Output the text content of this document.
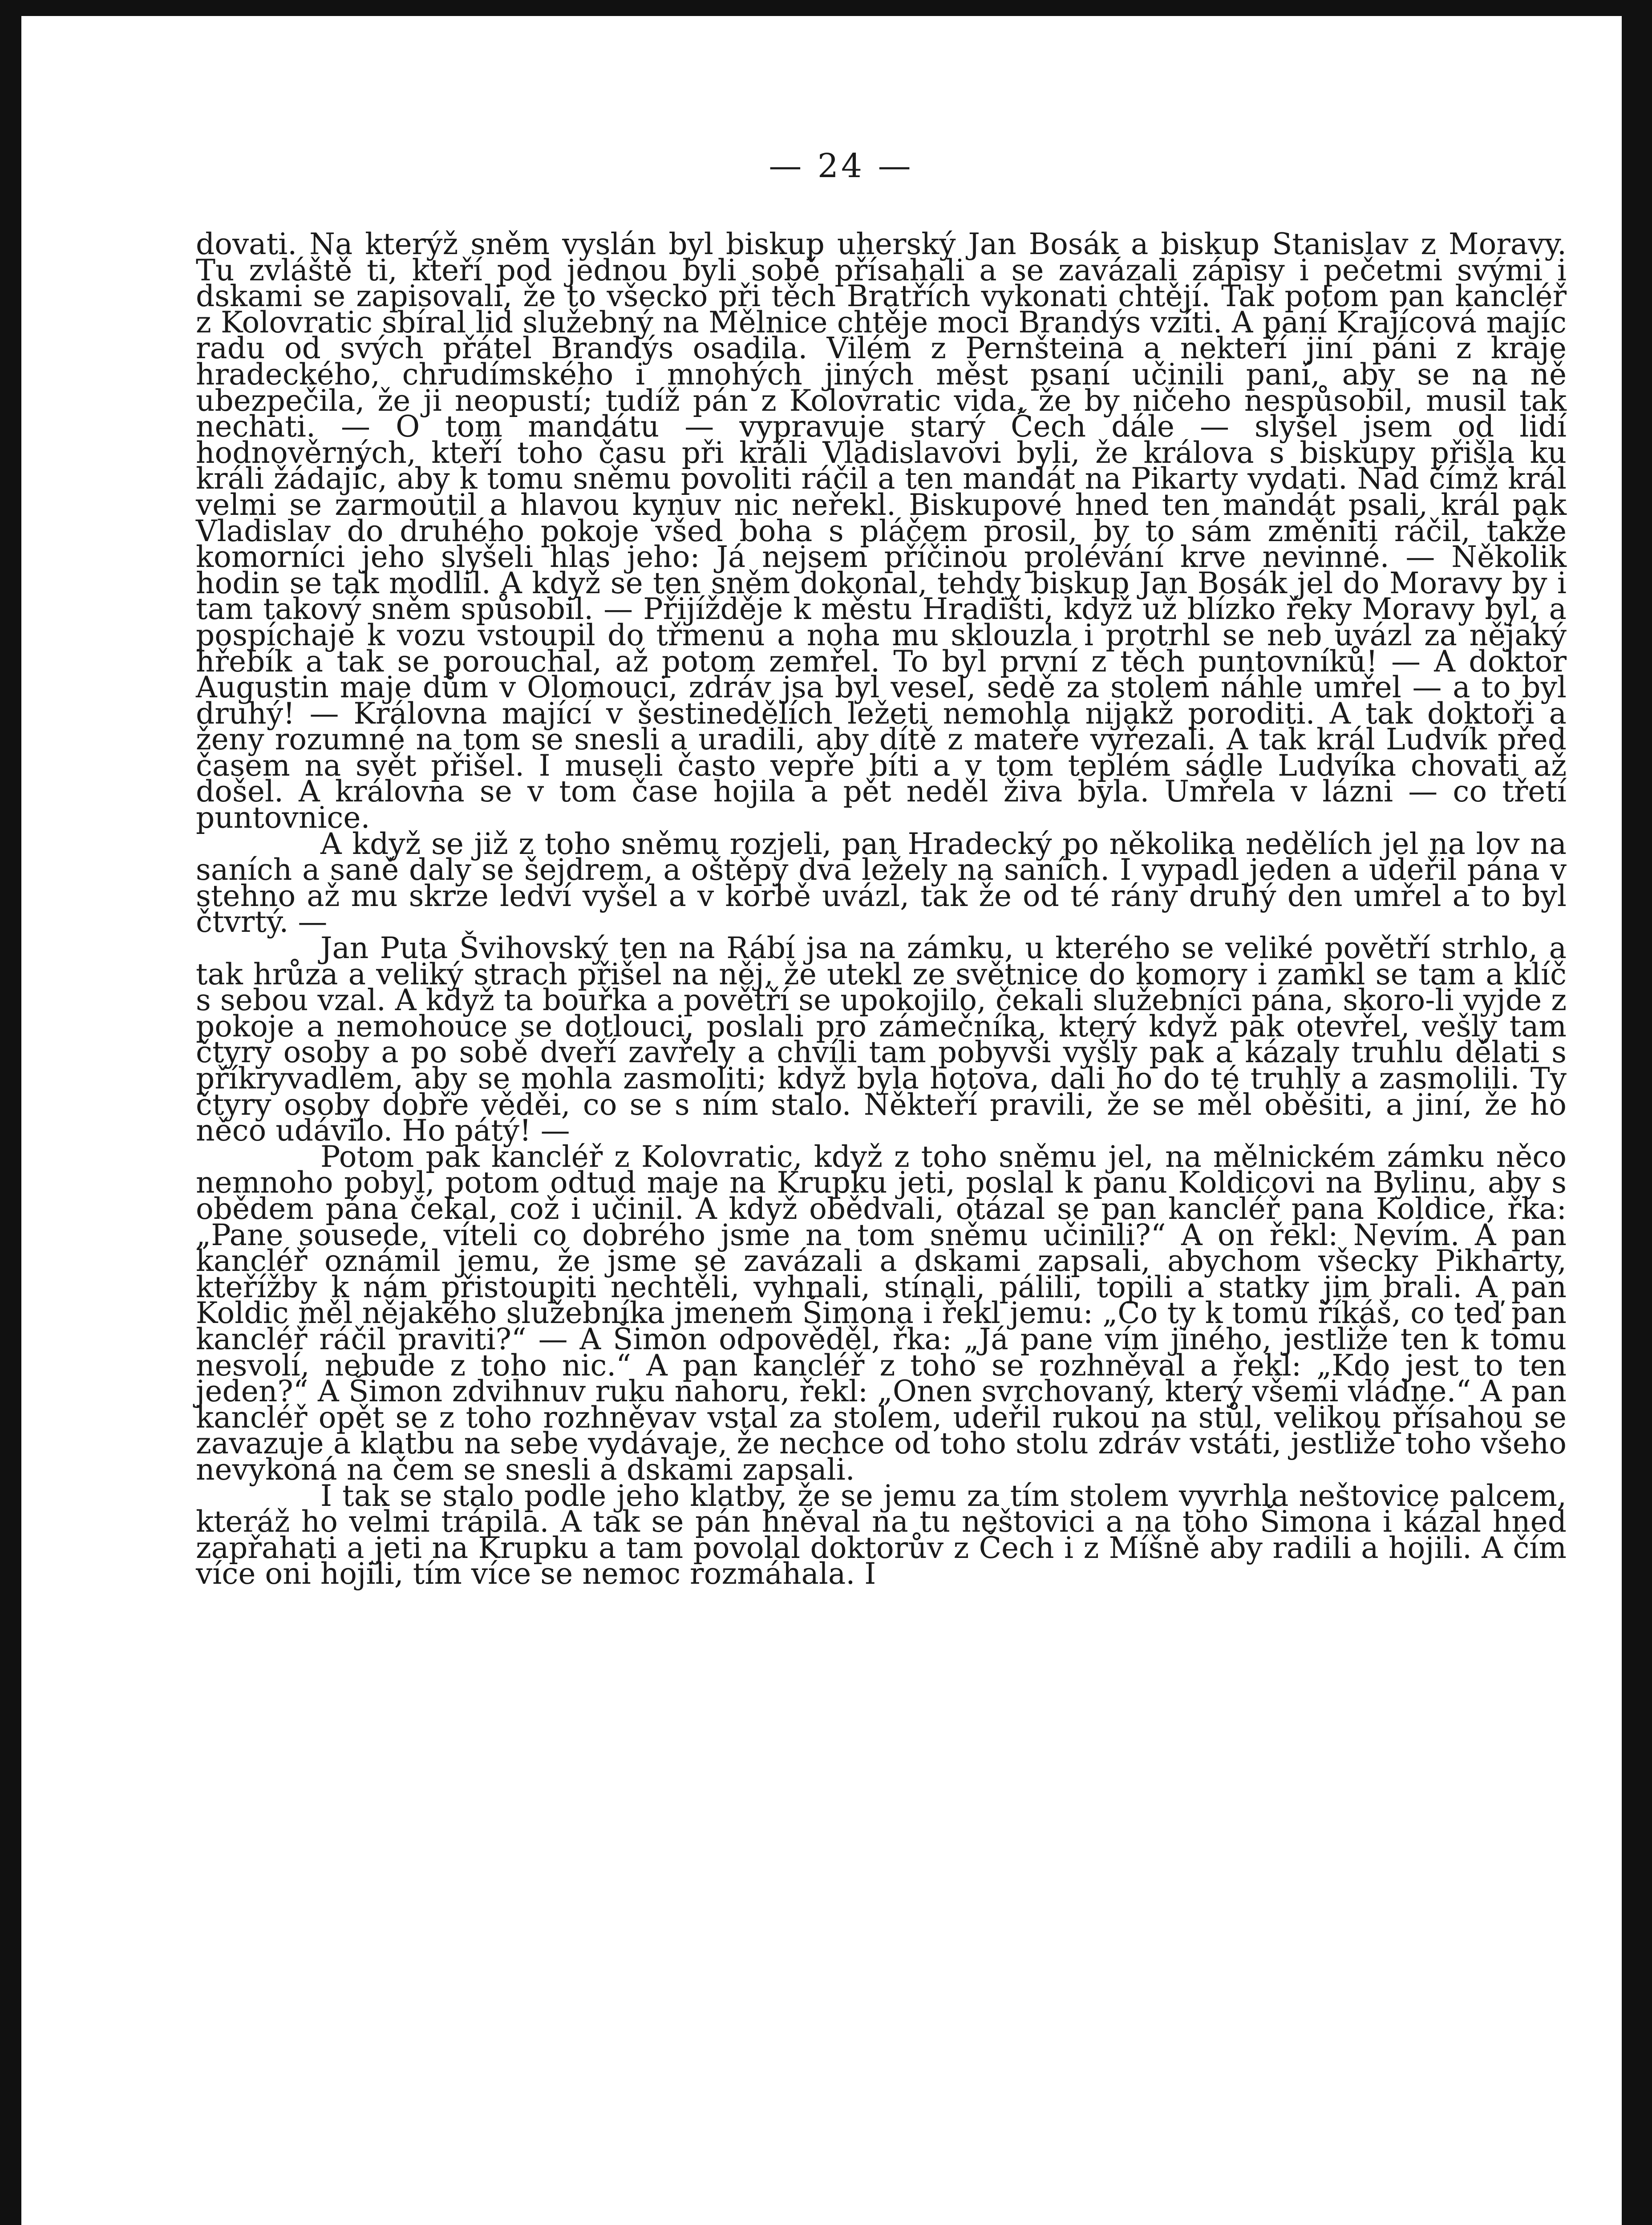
— 24 —

dovati. Na kterýž sněm vyslán byl biskup uherský Jan Bosák a biskup Stanislav z Moravy. Tu zvláště ti, kteří pod jednou byli sobě přísahali a se zavázali zápisy i pečetmi svými i dskami se zapisovali, že to všecko při těch Bratřích vykonati chtějí. Tak potom pan kancléř z Kolovratic sbíral lid služebný na Mělnice chtěje moci Brandýs vzíti. A paní Krajícová majíc radu od svých přátel Brandýs osadila. Vilém z Pernšteina a nekteří jiní páni z kraje hradeckého, chrudímského i mnohých jiných měst psaní učinili paní, aby se na ně ubezpečila, že ji neopustí; tudíž pán z Kolovratic vida, že by ničeho nespůsobil, musil tak nechati. — O tom mandátu — vypravuje starý Čech dále — slyšel jsem od lidí hodnověrných, kteří toho času při králi Vladislavovi byli, že králova s biskupy přišla ku králi žádajíc, aby k tomu sněmu povoliti ráčil a ten mandát na Pikarty vydati. Nad čímž král velmi se zarmoutil a hlavou kynuv nic neřekl. Biskupové hned ten mandát psali, král pak Vladislav do druhého pokoje všed boha s pláčem prosil, by to sám změniti ráčil, takže komorníci jeho slyšeli hlas jeho: Já nejsem příčinou prolévání krve nevinné. — Několik hodin se tak modlil. A když se ten sněm dokonal, tehdy biskup Jan Bosák jel do Moravy by i tam takový sněm spůsobil. — Přijížděje k městu Hradišti, když už blízko řeky Moravy byl, a pospíchaje k vozu vstoupil do třmenu a noha mu sklouzla i protrhl se neb uvázl za nějaký hřebík a tak se porouchal, až potom zemřel. To byl první z těch puntovníků! — A doktor Augustin maje dům v Olomouci, zdráv jsa byl vesel, sedě za stolem náhle umřel — a to byl druhý! — Královna mající v šestinedělích ležeti nemohla nijakž poroditi. A tak doktoři a ženy rozumné na tom se snesli a uradili, aby dítě z mateře vyřezali. A tak král Ludvík před časem na svět přišel. I museli často vepře bíti a v tom teplém sádle Ludvíka chovati až došel. A královna se v tom čase hojila a pět neděl živa byla. Umřela v lázni — co třetí puntovnice.

A když se již z toho sněmu rozjeli, pan Hradecký po několika nedělích jel na lov na saních a saně daly se šejdrem, a oštěpy dva ležely na saních. I vypadl jeden a udeřil pána v stehno až mu skrze ledví vyšel a v korbě uvázl, tak že od té rány druhý den umřel a to byl čtvrtý. —

Jan Puta Švihovský ten na Rábí jsa na zámku, u kterého se veliké povětří strhlo, a tak hrůza a veliký strach přišel na něj, že utekl ze světnice do komory i zamkl se tam a klíč s sebou vzal. A když ta bouřka a povětří se upokojilo, čekali služebníci pána, skoro-li vyjde z pokoje a nemohouce se dotlouci, poslali pro zámečníka, který když pak otevřel, vešly tam čtyry osoby a po sobě dveří zavřely a chvíli tam pobyvši vyšly pak a kázaly truhlu dělati s příkryvadlem, aby se mohla zasmoliti; když byla hotova, dali ho do té truhly a zasmolili. Ty čtyry osoby dobře věděi, co se s ním stalo. Někteří pravili, že se měl oběsiti, a jiní, že ho něco udávilo. Ho pátý! —

Potom pak kancléř z Kolovratic, když z toho sněmu jel, na mělnickém zámku něco nemnoho pobyl, potom odtud maje na Krupku jeti, poslal k panu Koldicovi na Bylinu, aby s obědem pána čekal, což i učinil. A když obědvali, otázal se pan kancléř pana Koldice, řka: „Pane sousede, víteli co dobrého jsme na tom sněmu učinili?“ A on řekl: Nevím. A pan kancléř oznámil jemu, že jsme se zavázali a dskami zapsali, abychom všecky Pikharty, kteřížby k nám přistoupiti nechtěli, vyhnali, stínali, pálili, topili a statky jim brali. A pan Koldic měl nějakého služebníka jmenem Šimona i řekl jemu: „Co ty k tomu říkáš, co teď pan kancléř ráčil praviti?“ — A Šimon odpověděl, řka: „Já pane vím jiného, jestliže ten k tomu nesvolí, nebude z toho nic.“ A pan kancléř z toho se rozhněval a řekl: „Kdo jest to ten jeden?“ A Šimon zdvihnuv ruku nahoru, řekl: „Onen svrchovaný, který všemi vládne.“ A pan kancléř opět se z toho rozhněvav vstal za stolem, udeřil rukou na stůl, velikou přísahou se zavazuje a klatbu na sebe vydávaje, že nechce od toho stolu zdráv vstáti, jestliže toho všeho nevykoná na čem se snesli a dskami zapsali.

I tak se stalo podle jeho klatby, že se jemu za tím stolem vyvrhla neštovice palcem, kteráž ho velmi trápila. A tak se pán hněval na tu neštovici a na toho Šimona i kázal hned zapřahati a jeti na Krupku a tam povolal doktorův z Čech i z Míšně aby radili a hojili. A čím více oni hojili, tím více se nemoc rozmáhala. I
